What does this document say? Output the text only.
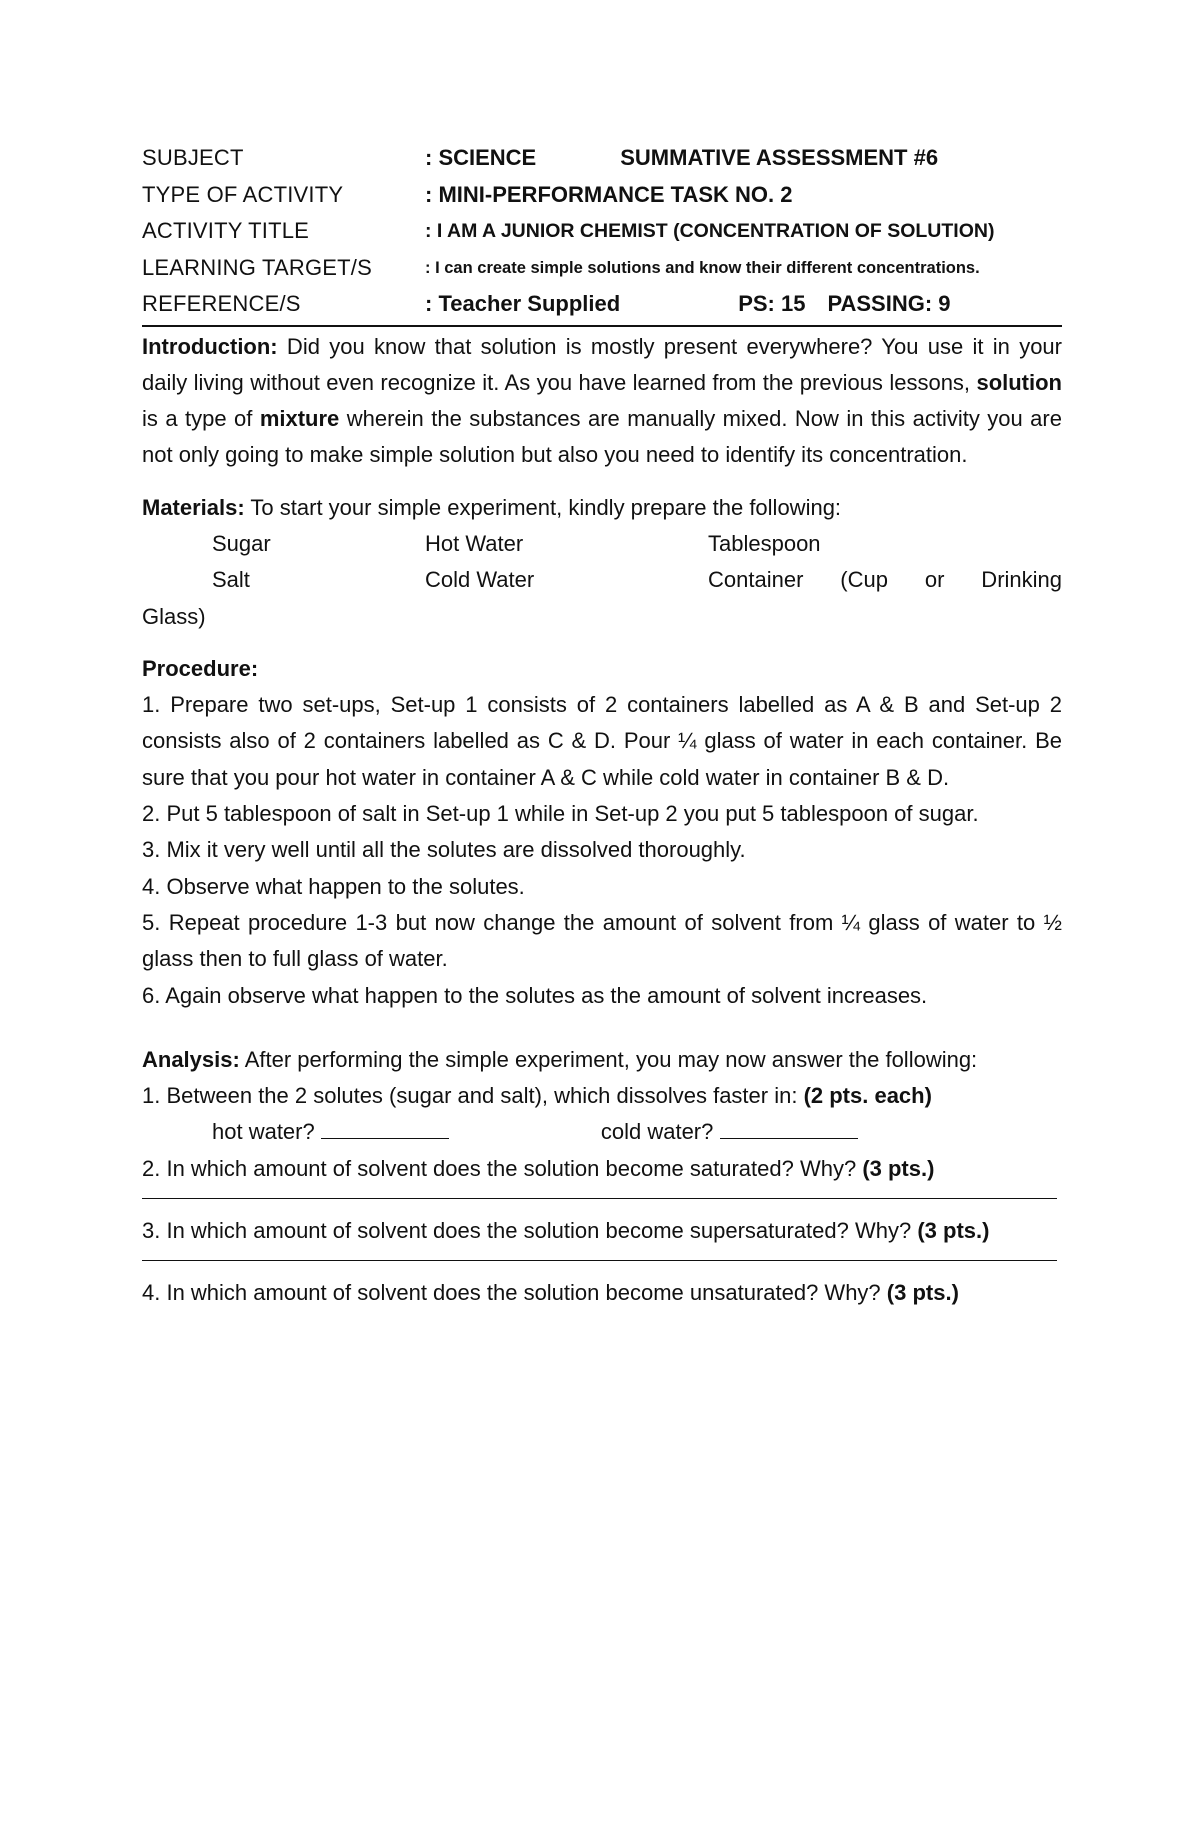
SUBJECT	: SCIENCE	SUMMATIVE ASSESSMENT #6
TYPE OF ACTIVITY	: MINI-PERFORMANCE TASK NO. 2
ACTIVITY TITLE	: I AM A JUNIOR CHEMIST (CONCENTRATION OF SOLUTION)
LEARNING TARGET/S	: I can create simple solutions and know their different concentrations.
REFERENCE/S	: Teacher Supplied	PS: 15 PASSING: 9

Introduction: Did you know that solution is mostly present everywhere? You use it in your daily living without even recognize it. As you have learned from the previous lessons, solution is a type of mixture wherein the substances are manually mixed. Now in this activity you are not only going to make simple solution but also you need to identify its concentration.

Materials: To start your simple experiment, kindly prepare the following:

Sugar	Hot Water	Tablespoon
Salt	Cold Water	Container (Cup or Drinking

Glass)

Procedure:

1. Prepare two set-ups, Set-up 1 consists of 2 containers labelled as A & B and Set-up 2 consists also of 2 containers labelled as C & D. Pour ¼ glass of water in each container. Be sure that you pour hot water in container A & C while cold water in container B & D.

2. Put 5 tablespoon of salt in Set-up 1 while in Set-up 2 you put 5 tablespoon of sugar.

3. Mix it very well until all the solutes are dissolved thoroughly.

4. Observe what happen to the solutes.

5. Repeat procedure 1-3 but now change the amount of solvent from ¼ glass of water to ½ glass then to full glass of water.

6. Again observe what happen to the solutes as the amount of solvent increases.

Analysis: After performing the simple experiment, you may now answer the following:

1. Between the 2 solutes (sugar and salt), which dissolves faster in: (2 pts. each)

hot water?	cold water?

2. In which amount of solvent does the solution become saturated? Why? (3 pts.)

3. In which amount of solvent does the solution become supersaturated? Why? (3 pts.)

4. In which amount of solvent does the solution become unsaturated? Why? (3 pts.)
